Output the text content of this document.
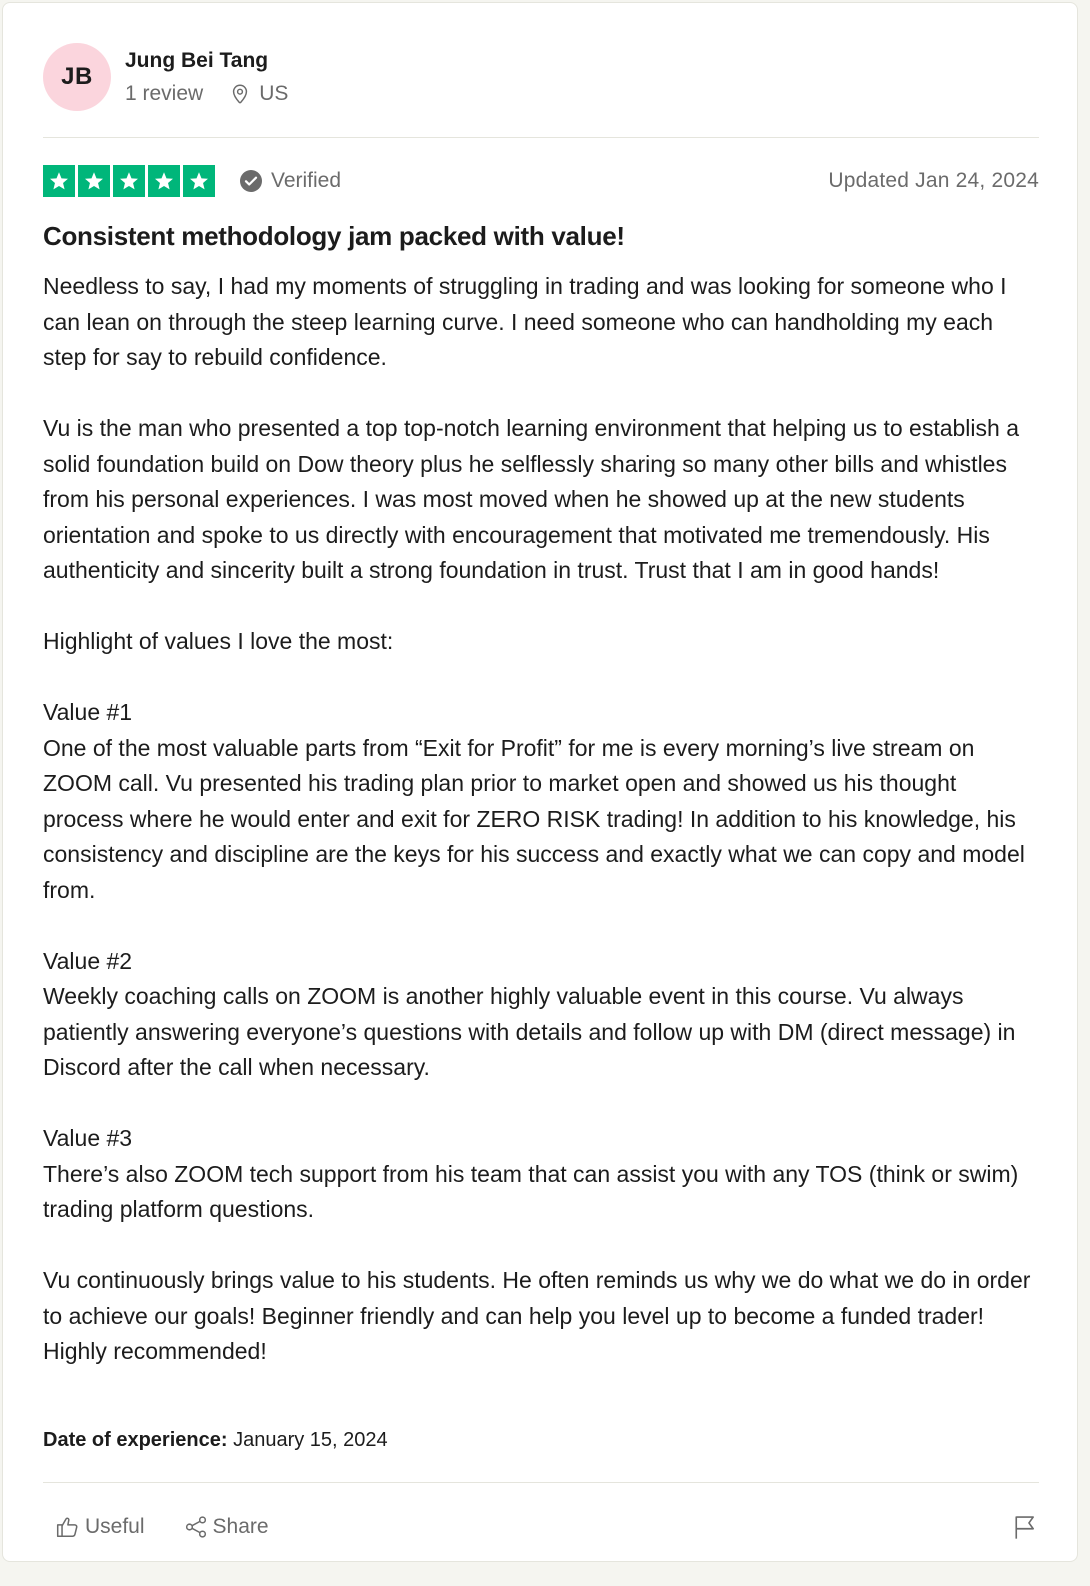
JB
Jung Bei Tang
1 review	US
Verified	Updated Jan 24, 2024
Consistent methodology jam packed with value!

Needless to say, I had my moments of struggling in trading and was looking for someone who I can lean on through the steep learning curve. I need someone who can handholding my each step for say to rebuild confidence.

Vu is the man who presented a top top-notch learning environment that helping us to establish a solid foundation build on Dow theory plus he selflessly sharing so many other bills and whistles from his personal experiences. I was most moved when he showed up at the new students orientation and spoke to us directly with encouragement that motivated me tremendously. His authenticity and sincerity built a strong foundation in trust. Trust that I am in good hands!

Highlight of values I love the most:

Value #1
One of the most valuable parts from “Exit for Profit” for me is every morning’s live stream on ZOOM call. Vu presented his trading plan prior to market open and showed us his thought process where he would enter and exit for ZERO RISK trading! In addition to his knowledge, his consistency and discipline are the keys for his success and exactly what we can copy and model from.

Value #2
Weekly coaching calls on ZOOM is another highly valuable event in this course. Vu always patiently answering everyone’s questions with details and follow up with DM (direct message) in Discord after the call when necessary.

Value #3
There’s also ZOOM tech support from his team that can assist you with any TOS (think or swim) trading platform questions.

Vu continuously brings value to his students. He often reminds us why we do what we do in order to achieve our goals! Beginner friendly and can help you level up to become a funded trader! Highly recommended!

Date of experience: January 15, 2024
Useful	Share
